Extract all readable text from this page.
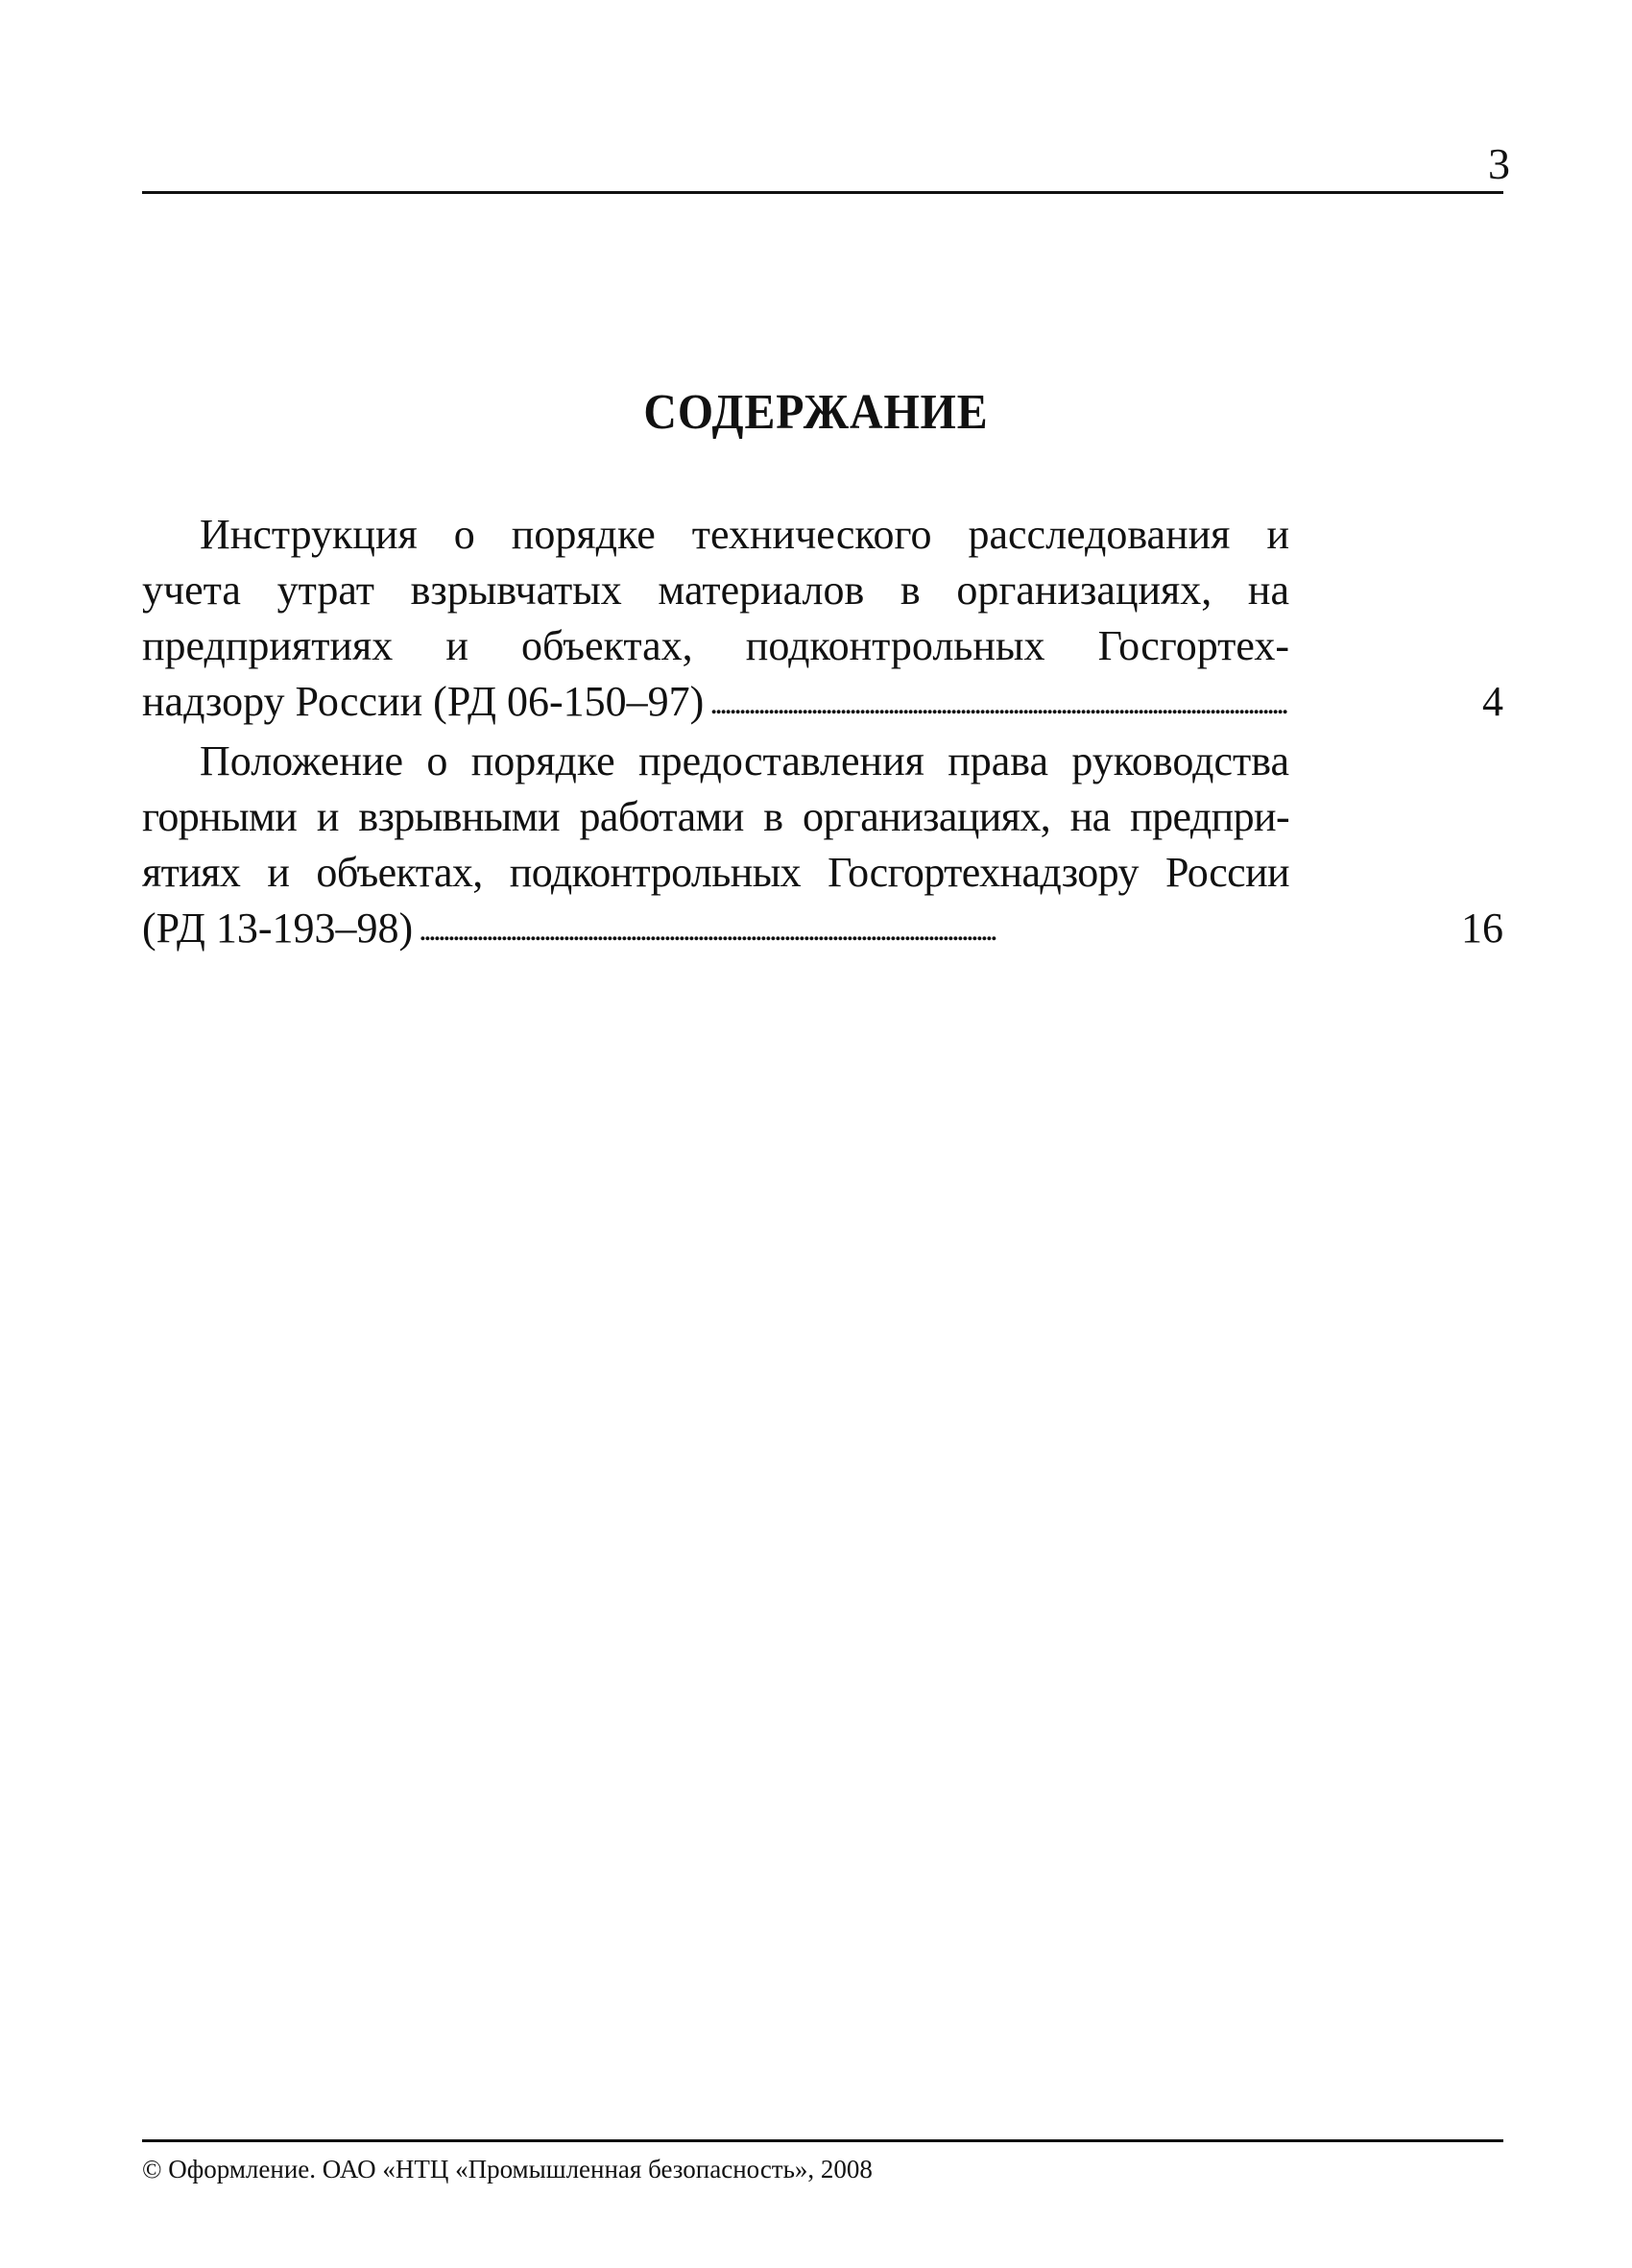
3
СОДЕРЖАНИЕ
Инструкция о порядке технического расследования и
учета утрат взрывчатых материалов в организациях, на
предприятиях и объектах, подконтрольных Госгортех-
надзору России (РД 06-150–97) . . .	4
Положение о порядке предоставления права руководства
горными и взрывными работами в организациях, на предпри-
ятиях и объектах, подконтрольных Госгортехнадзору России
(РД 13-193–98) . . .	16
© Оформление. ОАО «НТЦ «Промышленная безопасность», 2008
